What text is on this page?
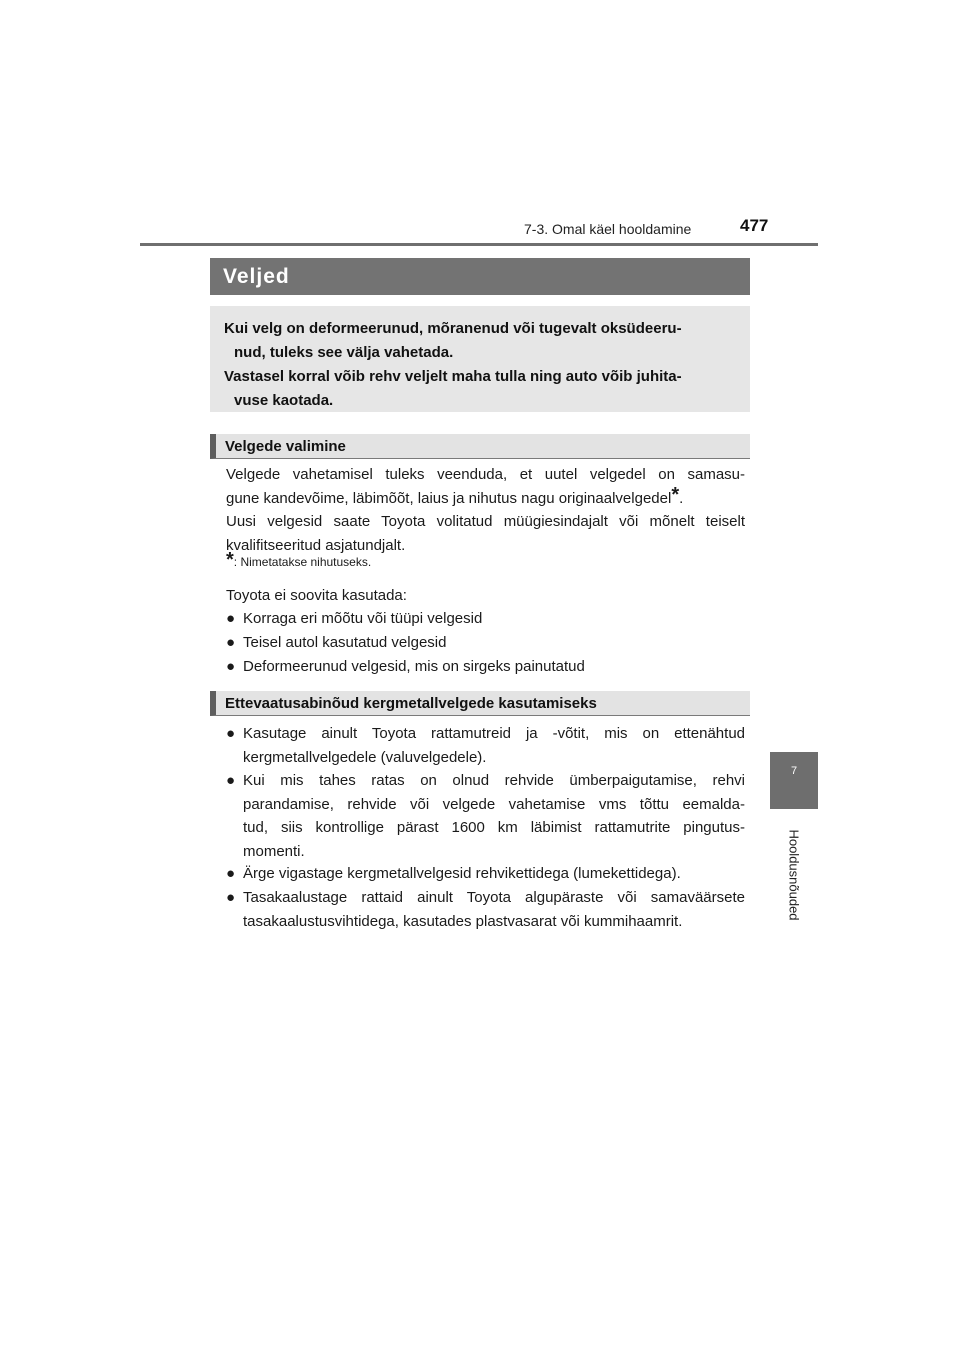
7-3. Omal käel hooldamine	477
7
Hooldusnõuded
Veljed
Kui velg on deformeerunud, mõranenud või tugevalt oksüdeeru-
nud, tuleks see välja vahetada.
Vastasel korral võib rehv veljelt maha tulla ning auto võib juhita-
vuse kaotada.
Velgede valimine
Velgede vahetamisel tuleks veenduda, et uutel velgedel on samasu-
gune kandevõime, läbimõõt, laius ja nihutus nagu originaalvelgedel*.
Uusi velgesid saate Toyota volitatud müügiesindajalt või mõnelt teiselt
kvalifitseeritud asjatundjalt.
*: Nimetatakse nihutuseks.
Toyota ei soovita kasutada:
● Korraga eri mõõtu või tüüpi velgesid
● Teisel autol kasutatud velgesid
● Deformeerunud velgesid, mis on sirgeks painutatud
Ettevaatusabinõud kergmetallvelgede kasutamiseks
● Kasutage ainult Toyota rattamutreid ja -võtit, mis on ettenähtud
kergmetallvelgedele (valuvelgedele).
● Kui mis tahes ratas on olnud rehvide ümberpaigutamise, rehvi
parandamise, rehvide või velgede vahetamise vms tõttu eemalda-
tud, siis kontrollige pärast 1600 km läbimist rattamutrite pingutus-
momenti.
● Ärge vigastage kergmetallvelgesid rehvikettidega (lumekettidega).
● Tasakaalustage rattaid ainult Toyota algupäraste või samaväärsete
tasakaalustusvihtidega, kasutades plastvasarat või kummihaamrit.
